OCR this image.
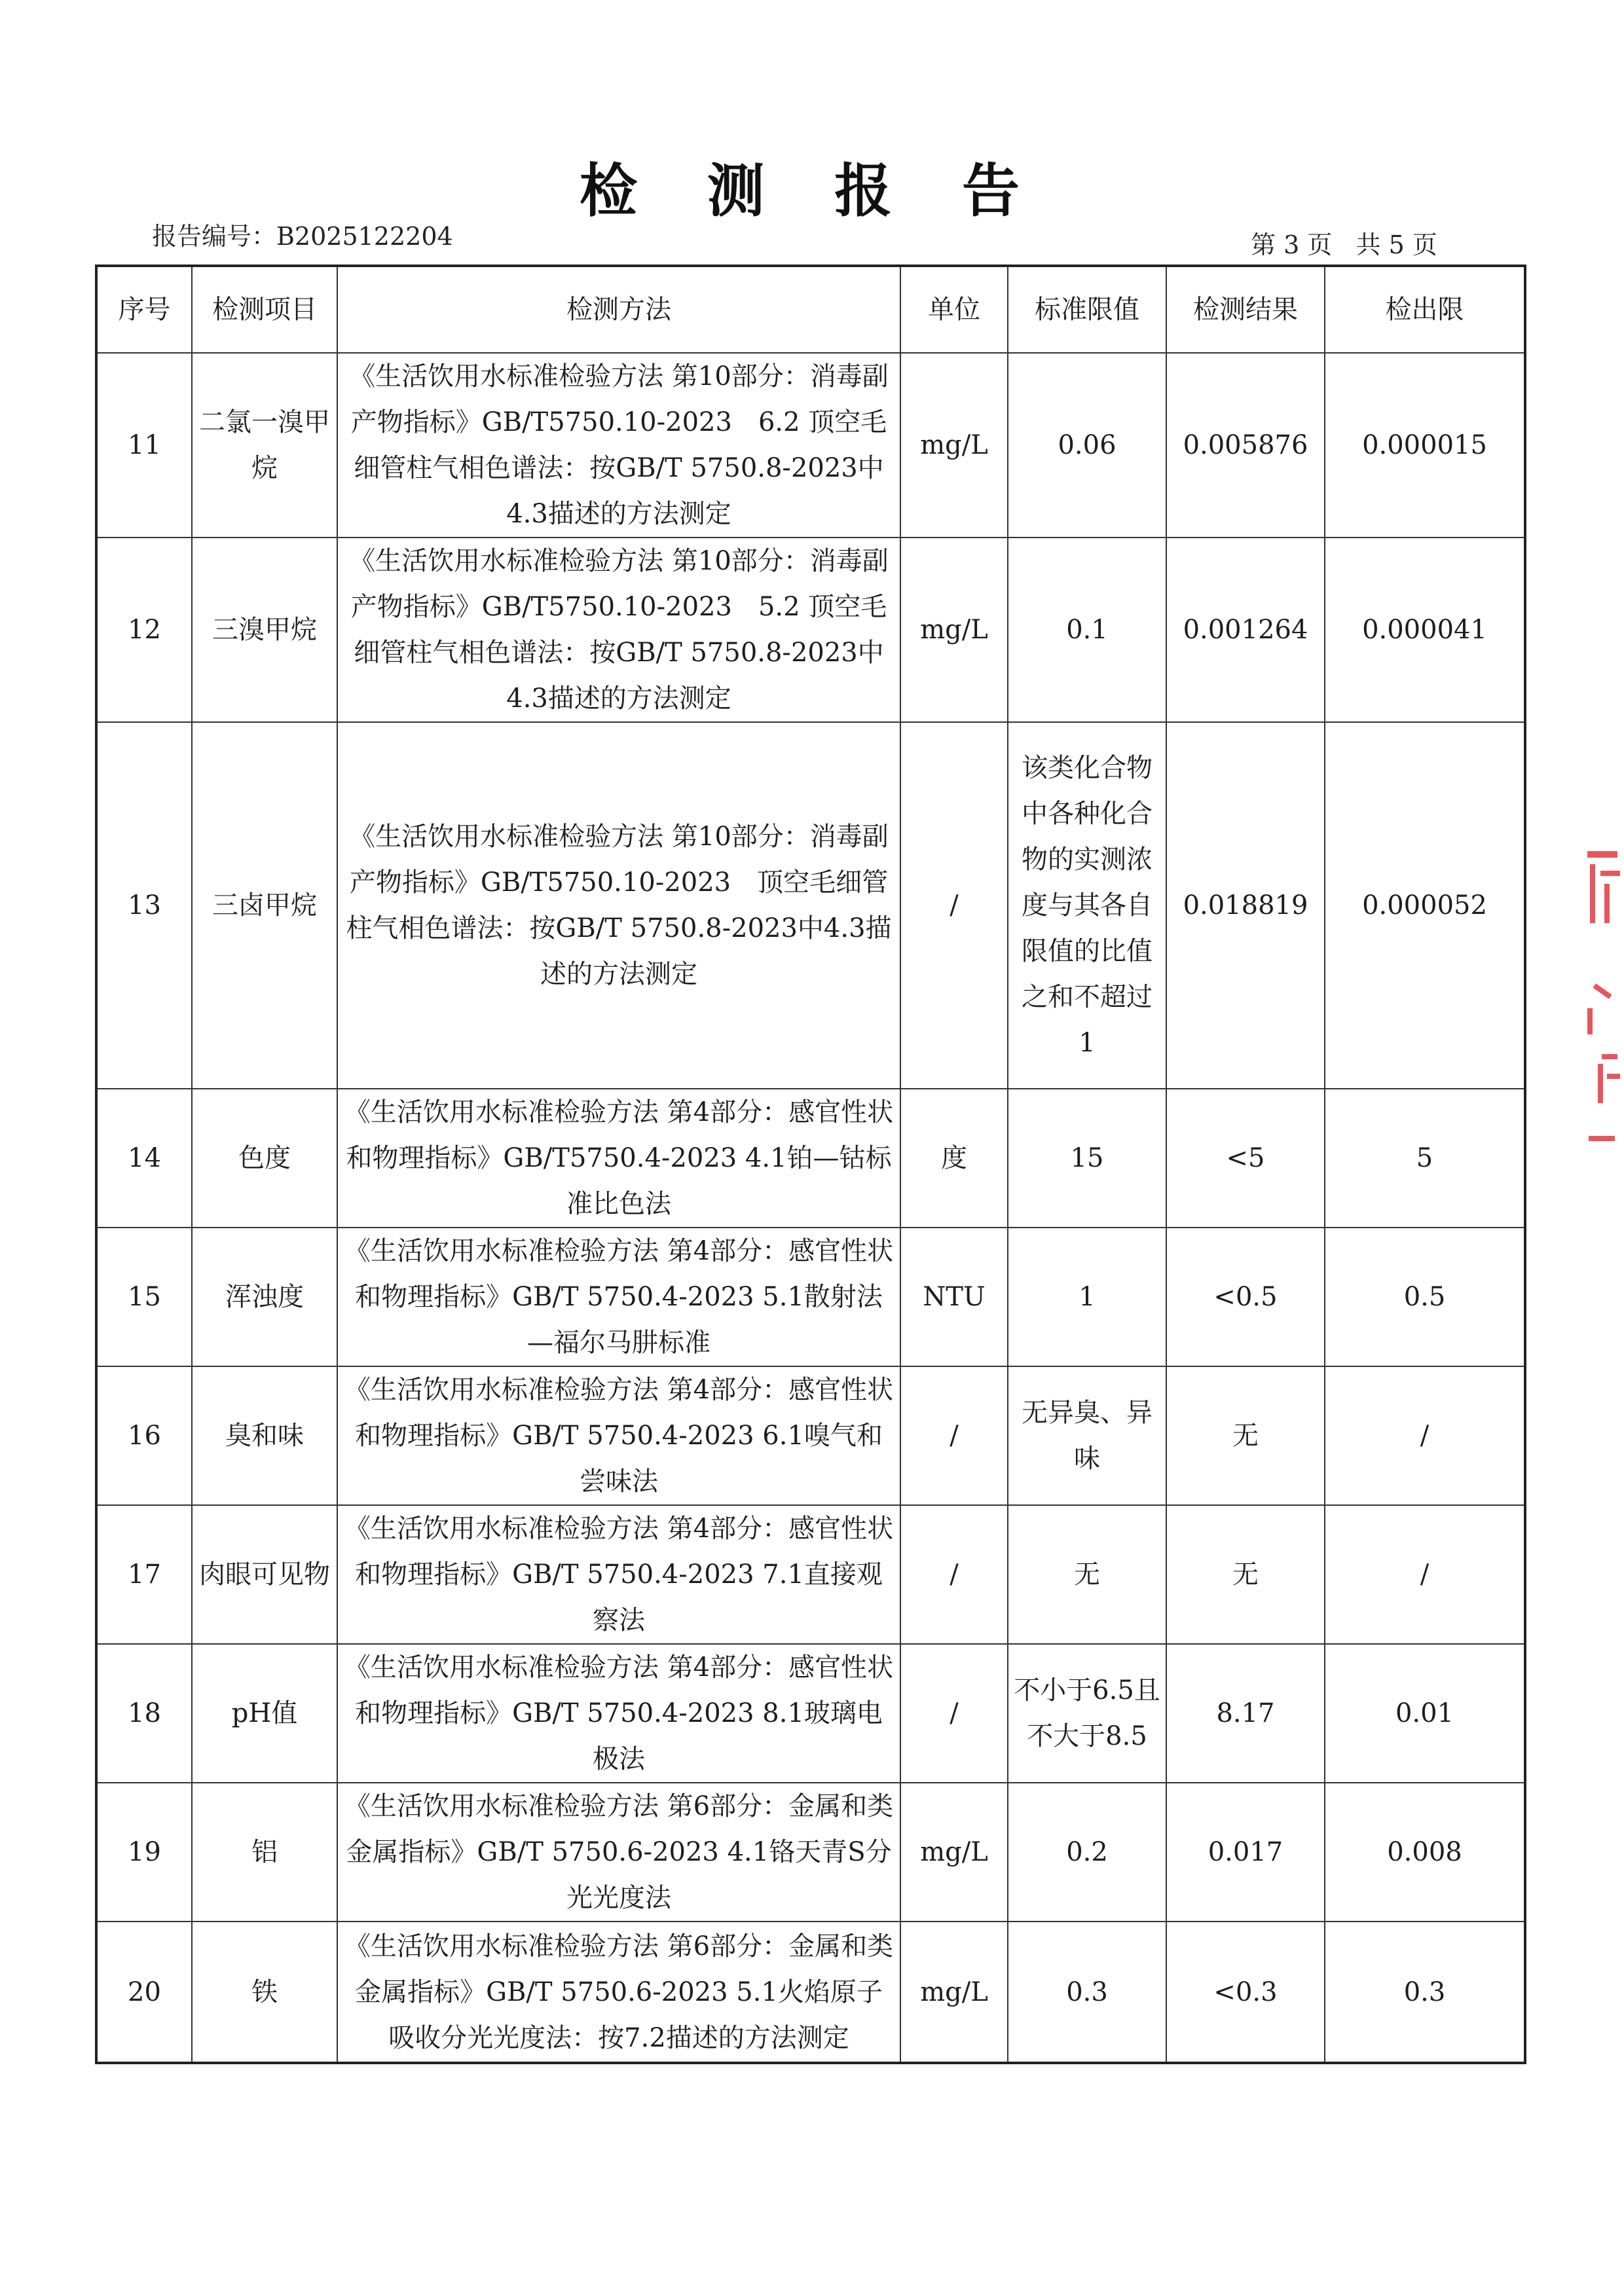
检 测 报 告
报告编号：B2025122204	第 3 页   共 5 页
序号	检测项目	检测方法	单位	标准限值	检测结果	检出限
11	二氯一溴甲烷	《生活饮用水标准检验方法 第10部分：消毒副产物指标》GB/T5750.10-2023　6.2 顶空毛细管柱气相色谱法：按GB/T 5750.8-2023中4.3描述的方法测定	mg/L	0.06	0.005876	0.000015
12	三溴甲烷	《生活饮用水标准检验方法 第10部分：消毒副产物指标》GB/T5750.10-2023　5.2 顶空毛细管柱气相色谱法：按GB/T 5750.8-2023中4.3描述的方法测定	mg/L	0.1	0.001264	0.000041
13	三卤甲烷	《生活饮用水标准检验方法 第10部分：消毒副产物指标》GB/T5750.10-2023　顶空毛细管柱气相色谱法：按GB/T 5750.8-2023中4.3描述的方法测定	/	该类化合物中各种化合物的实测浓度与其各自限值的比值之和不超过1	0.018819	0.000052
14	色度	《生活饮用水标准检验方法 第4部分：感官性状和物理指标》GB/T5750.4-2023 4.1铂—钴标准比色法	度	15	<5	5
15	浑浊度	《生活饮用水标准检验方法 第4部分：感官性状和物理指标》GB/T 5750.4-2023 5.1散射法—福尔马肼标准	NTU	1	<0.5	0.5
16	臭和味	《生活饮用水标准检验方法 第4部分：感官性状和物理指标》GB/T 5750.4-2023 6.1嗅气和尝味法	/	无异臭、异味	无	/
17	肉眼可见物	《生活饮用水标准检验方法 第4部分：感官性状和物理指标》GB/T 5750.4-2023 7.1直接观察法	/	无	无	/
18	pH值	《生活饮用水标准检验方法 第4部分：感官性状和物理指标》GB/T 5750.4-2023 8.1玻璃电极法	/	不小于6.5且不大于8.5	8.17	0.01
19	铝	《生活饮用水标准检验方法 第6部分：金属和类金属指标》GB/T 5750.6-2023 4.1铬天青S分光光度法	mg/L	0.2	0.017	0.008
20	铁	《生活饮用水标准检验方法 第6部分：金属和类金属指标》GB/T 5750.6-2023 5.1火焰原子吸收分光光度法：按7.2描述的方法测定	mg/L	0.3	<0.3	0.3
